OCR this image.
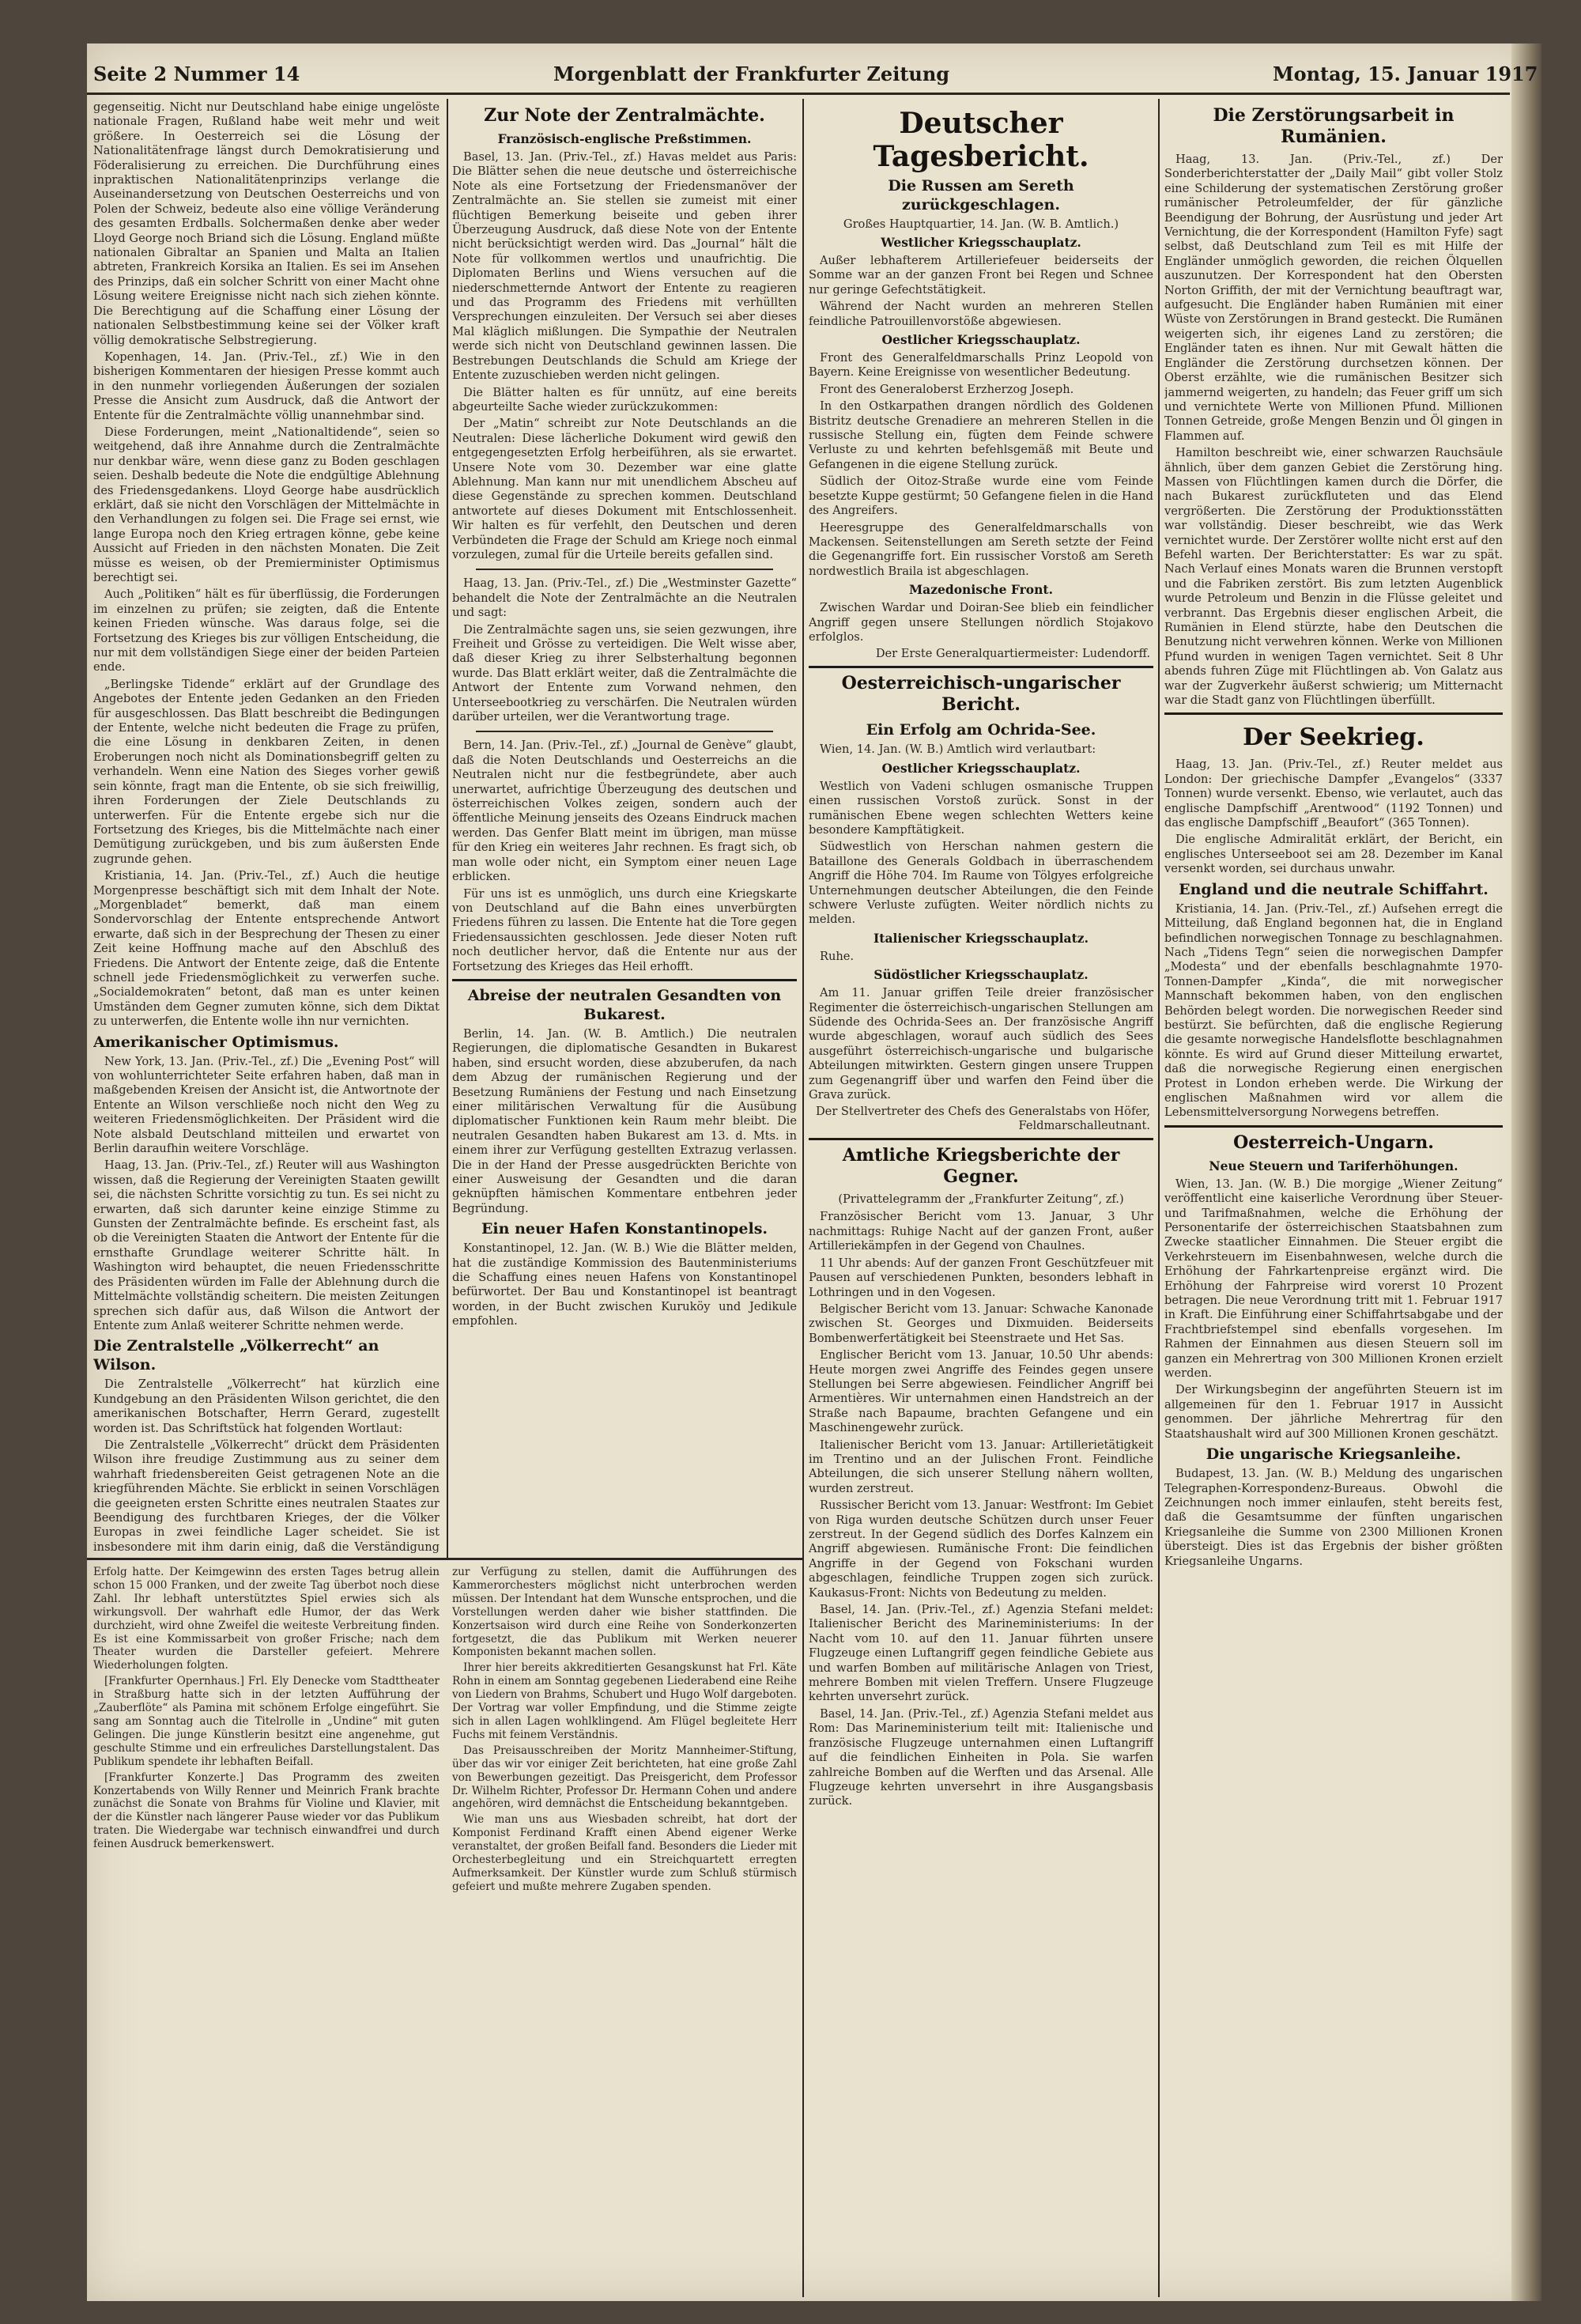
Seite 2 Nummer 14	Morgenblatt der Frankfurter Zeitung	Montag, 15. Januar 1917

gegenseitig. Nicht nur Deutschland habe einige ungelöste nationale Fragen, Rußland habe weit mehr und weit größere. In Oesterreich sei die Lösung der Nationalitätenfrage längst durch Demokratisierung und Föderalisierung zu erreichen. Die Durchführung eines inpraktischen Nationalitätenprinzips verlange die Auseinandersetzung von Deutschen Oesterreichs und von Polen der Schweiz, bedeute also eine völlige Veränderung des gesamten Erdballs. Solchermaßen denke aber weder Lloyd George noch Briand sich die Lösung. England müßte nationalen Gibraltar an Spanien und Malta an Italien abtreten, Frankreich Korsika an Italien. Es sei im Ansehen des Prinzips, daß ein solcher Schritt von einer Macht ohne Lösung weitere Ereignisse nicht nach sich ziehen könnte. Die Berechtigung auf die Schaffung einer Lösung der nationalen Selbstbestimmung keine sei der Völker kraft völlig demokratische Selbstregierung.

Kopenhagen, 14. Jan. (Priv.-Tel., zf.) Wie in den bisherigen Kommentaren der hiesigen Presse kommt auch in den nunmehr vorliegenden Äußerungen der sozialen Presse die Ansicht zum Ausdruck, daß die Antwort der Entente für die Zentralmächte völlig unannehmbar sind.

Diese Forderungen, meint „Nationaltidende“, seien so weitgehend, daß ihre Annahme durch die Zentralmächte nur denkbar wäre, wenn diese ganz zu Boden geschlagen seien. Deshalb bedeute die Note die endgültige Ablehnung des Friedensgedankens. Lloyd George habe ausdrücklich erklärt, daß sie nicht den Vorschlägen der Mittelmächte in den Verhandlungen zu folgen sei. Die Frage sei ernst, wie lange Europa noch den Krieg ertragen könne, gebe keine Aussicht auf Frieden in den nächsten Monaten. Die Zeit müsse es weisen, ob der Premierminister Optimismus berechtigt sei.

Auch „Politiken“ hält es für überflüssig, die Forderungen im einzelnen zu prüfen; sie zeigten, daß die Entente keinen Frieden wünsche. Was daraus folge, sei die Fortsetzung des Krieges bis zur völligen Entscheidung, die nur mit dem vollständigen Siege einer der beiden Parteien ende.

„Berlingske Tidende“ erklärt auf der Grundlage des Angebotes der Entente jeden Gedanken an den Frieden für ausgeschlossen. Das Blatt beschreibt die Bedingungen der Entente, welche nicht bedeuten die Frage zu prüfen, die eine Lösung in denkbaren Zeiten, in denen Eroberungen noch nicht als Dominationsbegriff gelten zu verhandeln. Wenn eine Nation des Sieges vorher gewiß sein könnte, fragt man die Entente, ob sie sich freiwillig, ihren Forderungen der Ziele Deutschlands zu unterwerfen. Für die Entente ergebe sich nur die Fortsetzung des Krieges, bis die Mittelmächte nach einer Demütigung zurückgeben, und bis zum äußersten Ende zugrunde gehen.

Kristiania, 14. Jan. (Priv.-Tel., zf.) Auch die heutige Morgenpresse beschäftigt sich mit dem Inhalt der Note. „Morgenbladet“ bemerkt, daß man einem Sondervorschlag der Entente entsprechende Antwort erwarte, daß sich in der Besprechung der Thesen zu einer Zeit keine Hoffnung mache auf den Abschluß des Friedens. Die Antwort der Entente zeige, daß die Entente schnell jede Friedensmöglichkeit zu verwerfen suche. „Socialdemokraten“ betont, daß man es unter keinen Umständen dem Gegner zumuten könne, sich dem Diktat zu unterwerfen, die Entente wolle ihn nur vernichten.

Amerikanischer Optimismus.

New York, 13. Jan. (Priv.-Tel., zf.) Die „Evening Post“ will von wohlunterrichteter Seite erfahren haben, daß man in maßgebenden Kreisen der Ansicht ist, die Antwortnote der Entente an Wilson verschließe noch nicht den Weg zu weiteren Friedensmöglichkeiten. Der Präsident wird die Note alsbald Deutschland mitteilen und erwartet von Berlin daraufhin weitere Vorschläge.

Haag, 13. Jan. (Priv.-Tel., zf.) Reuter will aus Washington wissen, daß die Regierung der Vereinigten Staaten gewillt sei, die nächsten Schritte vorsichtig zu tun. Es sei nicht zu erwarten, daß sich darunter keine einzige Stimme zu Gunsten der Zentralmächte befinde. Es erscheint fast, als ob die Vereinigten Staaten die Antwort der Entente für die ernsthafte Grundlage weiterer Schritte hält. In Washington wird behauptet, die neuen Friedensschritte des Präsidenten würden im Falle der Ablehnung durch die Mittelmächte vollständig scheitern. Die meisten Zeitungen sprechen sich dafür aus, daß Wilson die Antwort der Entente zum Anlaß weiterer Schritte nehmen werde.

Die Zentralstelle „Völkerrecht“ an Wilson.

Die Zentralstelle „Völkerrecht“ hat kürzlich eine Kundgebung an den Präsidenten Wilson gerichtet, die den amerikanischen Botschafter, Herrn Gerard, zugestellt worden ist. Das Schriftstück hat folgenden Wortlaut:

Die Zentralstelle „Völkerrecht“ drückt dem Präsidenten Wilson ihre freudige Zustimmung aus zu seiner dem wahrhaft friedensbereiten Geist getragenen Note an die kriegführenden Mächte. Sie erblickt in seinen Vorschlägen die geeigneten ersten Schritte eines neutralen Staates zur Beendigung des furchtbaren Krieges, der die Völker Europas in zwei feindliche Lager scheidet. Sie ist insbesondere mit ihm darin einig, daß die Verständigung

Zur Note der Zentralmächte.
Französisch-englische Preßstimmen.

Basel, 13. Jan. (Priv.-Tel., zf.) Havas meldet aus Paris: Die Blätter sehen die neue deutsche und österreichische Note als eine Fortsetzung der Friedensmanöver der Zentralmächte an. Sie stellen sie zumeist mit einer flüchtigen Bemerkung beiseite und geben ihrer Überzeugung Ausdruck, daß diese Note von der Entente nicht berücksichtigt werden wird. Das „Journal“ hält die Note für vollkommen wertlos und unaufrichtig. Die Diplomaten Berlins und Wiens versuchen auf die niederschmetternde Antwort der Entente zu reagieren und das Programm des Friedens mit verhüllten Versprechungen einzuleiten. Der Versuch sei aber dieses Mal kläglich mißlungen. Die Sympathie der Neutralen werde sich nicht von Deutschland gewinnen lassen. Die Bestrebungen Deutschlands die Schuld am Kriege der Entente zuzuschieben werden nicht gelingen.

Die Blätter halten es für unnütz, auf eine bereits abgeurteilte Sache wieder zurückzukommen:

Der „Matin“ schreibt zur Note Deutschlands an die Neutralen: Diese lächerliche Dokument wird gewiß den entgegengesetzten Erfolg herbeiführen, als sie erwartet. Unsere Note vom 30. Dezember war eine glatte Ablehnung. Man kann nur mit unendlichem Abscheu auf diese Gegenstände zu sprechen kommen. Deutschland antwortete auf dieses Dokument mit Entschlossenheit. Wir halten es für verfehlt, den Deutschen und deren Verbündeten die Frage der Schuld am Kriege noch einmal vorzulegen, zumal für die Urteile bereits gefallen sind.

Haag, 13. Jan. (Priv.-Tel., zf.) Die „Westminster Gazette“ behandelt die Note der Zentralmächte an die Neutralen und sagt:

Die Zentralmächte sagen uns, sie seien gezwungen, ihre Freiheit und Grösse zu verteidigen. Die Welt wisse aber, daß dieser Krieg zu ihrer Selbsterhaltung begonnen wurde. Das Blatt erklärt weiter, daß die Zentralmächte die Antwort der Entente zum Vorwand nehmen, den Unterseebootkrieg zu verschärfen. Die Neutralen würden darüber urteilen, wer die Verantwortung trage.

Bern, 14. Jan. (Priv.-Tel., zf.) „Journal de Genève“ glaubt, daß die Noten Deutschlands und Oesterreichs an die Neutralen nicht nur die festbegründete, aber auch unerwartet, aufrichtige Überzeugung des deutschen und österreichischen Volkes zeigen, sondern auch der öffentliche Meinung jenseits des Ozeans Eindruck machen werden. Das Genfer Blatt meint im übrigen, man müsse für den Krieg ein weiteres Jahr rechnen. Es fragt sich, ob man wolle oder nicht, ein Symptom einer neuen Lage erblicken.

Für uns ist es unmöglich, uns durch eine Kriegskarte von Deutschland auf die Bahn eines unverbürgten Friedens führen zu lassen. Die Entente hat die Tore gegen Friedensaussichten geschlossen. Jede dieser Noten ruft noch deutlicher hervor, daß die Entente nur aus der Fortsetzung des Krieges das Heil erhofft.

Abreise der neutralen Gesandten von Bukarest.

Berlin, 14. Jan. (W. B. Amtlich.) Die neutralen Regierungen, die diplomatische Gesandten in Bukarest haben, sind ersucht worden, diese abzuberufen, da nach dem Abzug der rumänischen Regierung und der Besetzung Rumäniens der Festung und nach Einsetzung einer militärischen Verwaltung für die Ausübung diplomatischer Funktionen kein Raum mehr bleibt. Die neutralen Gesandten haben Bukarest am 13. d. Mts. in einem ihrer zur Verfügung gestellten Extrazug verlassen. Die in der Hand der Presse ausgedrückten Berichte von einer Ausweisung der Gesandten und die daran geknüpften hämischen Kommentare entbehren jeder Begründung.

Ein neuer Hafen Konstantinopels.

Konstantinopel, 12. Jan. (W. B.) Wie die Blätter melden, hat die zuständige Kommission des Bautenministeriums die Schaffung eines neuen Hafens von Konstantinopel befürwortet. Der Bau und Konstantinopel ist beantragt worden, in der Bucht zwischen Kuruköy und Jedikule empfohlen.

Deutscher Tagesbericht.
Die Russen am Sereth zurückgeschlagen.
Großes Hauptquartier, 14. Jan. (W. B. Amtlich.)
Westlicher Kriegsschauplatz.

Außer lebhafterem Artilleriefeuer beiderseits der Somme war an der ganzen Front bei Regen und Schnee nur geringe Gefechtstätigkeit.

Während der Nacht wurden an mehreren Stellen feindliche Patrouillenvorstöße abgewiesen.

Oestlicher Kriegsschauplatz.

Front des Generalfeldmarschalls Prinz Leopold von Bayern. Keine Ereignisse von wesentlicher Bedeutung.

Front des Generaloberst Erzherzog Joseph.

In den Ostkarpathen drangen nördlich des Goldenen Bistritz deutsche Grenadiere an mehreren Stellen in die russische Stellung ein, fügten dem Feinde schwere Verluste zu und kehrten befehlsgemäß mit Beute und Gefangenen in die eigene Stellung zurück.

Südlich der Oitoz-Straße wurde eine vom Feinde besetzte Kuppe gestürmt; 50 Gefangene fielen in die Hand des Angreifers.

Heeresgruppe des Generalfeldmarschalls von Mackensen. Seitenstellungen am Sereth setzte der Feind die Gegenangriffe fort. Ein russischer Vorstoß am Sereth nordwestlich Braila ist abgeschlagen.

Mazedonische Front.

Zwischen Wardar und Doiran-See blieb ein feindlicher Angriff gegen unsere Stellungen nördlich Stojakovo erfolglos.

Der Erste Generalquartiermeister: Ludendorff.
Oesterreichisch-ungarischer Bericht.
Ein Erfolg am Ochrida-See.

Wien, 14. Jan. (W. B.) Amtlich wird verlautbart:

Oestlicher Kriegsschauplatz.

Westlich von Vadeni schlugen osmanische Truppen einen russischen Vorstoß zurück. Sonst in der rumänischen Ebene wegen schlechten Wetters keine besondere Kampftätigkeit.

Südwestlich von Herschan nahmen gestern die Bataillone des Generals Goldbach in überraschendem Angriff die Höhe 704. Im Raume von Tölgyes erfolgreiche Unternehmungen deutscher Abteilungen, die den Feinde schwere Verluste zufügten. Weiter nördlich nichts zu melden.

Italienischer Kriegsschauplatz.

Ruhe.

Südöstlicher Kriegsschauplatz.

Am 11. Januar griffen Teile dreier französischer Regimenter die österreichisch-ungarischen Stellungen am Südende des Ochrida-Sees an. Der französische Angriff wurde abgeschlagen, worauf auch südlich des Sees ausgeführt österreichisch-ungarische und bulgarische Abteilungen mitwirkten. Gestern gingen unsere Truppen zum Gegenangriff über und warfen den Feind über die Grava zurück.

Der Stellvertreter des Chefs des Generalstabs von Höfer, Feldmarschalleutnant.
Amtliche Kriegsberichte der Gegner.
(Privattelegramm der „Frankfurter Zeitung“, zf.)

Französischer Bericht vom 13. Januar, 3 Uhr nachmittags: Ruhige Nacht auf der ganzen Front, außer Artilleriekämpfen in der Gegend von Chaulnes.

11 Uhr abends: Auf der ganzen Front Geschützfeuer mit Pausen auf verschiedenen Punkten, besonders lebhaft in Lothringen und in den Vogesen.

Belgischer Bericht vom 13. Januar: Schwache Kanonade zwischen St. Georges und Dixmuiden. Beiderseits Bombenwerfertätigkeit bei Steenstraete und Het Sas.

Englischer Bericht vom 13. Januar, 10.50 Uhr abends: Heute morgen zwei Angriffe des Feindes gegen unsere Stellungen bei Serre abgewiesen. Feindlicher Angriff bei Armentières. Wir unternahmen einen Handstreich an der Straße nach Bapaume, brachten Gefangene und ein Maschinengewehr zurück.

Italienischer Bericht vom 13. Januar: Artillerietätigkeit im Trentino und an der Julischen Front. Feindliche Abteilungen, die sich unserer Stellung nähern wollten, wurden zerstreut.

Russischer Bericht vom 13. Januar: Westfront: Im Gebiet von Riga wurden deutsche Schützen durch unser Feuer zerstreut. In der Gegend südlich des Dorfes Kalnzem ein Angriff abgewiesen. Rumänische Front: Die feindlichen Angriffe in der Gegend von Fokschani wurden abgeschlagen, feindliche Truppen zogen sich zurück. Kaukasus-Front: Nichts von Bedeutung zu melden.

Basel, 14. Jan. (Priv.-Tel., zf.) Agenzia Stefani meldet: Italienischer Bericht des Marineministeriums: In der Nacht vom 10. auf den 11. Januar führten unsere Flugzeuge einen Luftangriff gegen feindliche Gebiete aus und warfen Bomben auf militärische Anlagen von Triest, mehrere Bomben mit vielen Treffern. Unsere Flugzeuge kehrten unversehrt zurück.

Basel, 14. Jan. (Priv.-Tel., zf.) Agenzia Stefani meldet aus Rom: Das Marineministerium teilt mit: Italienische und französische Flugzeuge unternahmen einen Luftangriff auf die feindlichen Einheiten in Pola. Sie warfen zahlreiche Bomben auf die Werften und das Arsenal. Alle Flugzeuge kehrten unversehrt in ihre Ausgangsbasis zurück.

Die Zerstörungsarbeit in Rumänien.

Haag, 13. Jan. (Priv.-Tel., zf.) Der Sonderberichterstatter der „Daily Mail“ gibt voller Stolz eine Schilderung der systematischen Zerstörung großer rumänischer Petroleumfelder, der für gänzliche Beendigung der Bohrung, der Ausrüstung und jeder Art Vernichtung, die der Korrespondent (Hamilton Fyfe) sagt selbst, daß Deutschland zum Teil es mit Hilfe der Engländer unmöglich geworden, die reichen Ölquellen auszunutzen. Der Korrespondent hat den Obersten Norton Griffith, der mit der Vernichtung beauftragt war, aufgesucht. Die Engländer haben Rumänien mit einer Wüste von Zerstörungen in Brand gesteckt. Die Rumänen weigerten sich, ihr eigenes Land zu zerstören; die Engländer taten es ihnen. Nur mit Gewalt hätten die Engländer die Zerstörung durchsetzen können. Der Oberst erzählte, wie die rumänischen Besitzer sich jammernd weigerten, zu handeln; das Feuer griff um sich und vernichtete Werte von Millionen Pfund. Millionen Tonnen Getreide, große Mengen Benzin und Öl gingen in Flammen auf.

Hamilton beschreibt wie, einer schwarzen Rauchsäule ähnlich, über dem ganzen Gebiet die Zerstörung hing. Massen von Flüchtlingen kamen durch die Dörfer, die nach Bukarest zurückfluteten und das Elend vergrößerten. Die Zerstörung der Produktionsstätten war vollständig. Dieser beschreibt, wie das Werk vernichtet wurde. Der Zerstörer wollte nicht erst auf den Befehl warten. Der Berichterstatter: Es war zu spät. Nach Verlauf eines Monats waren die Brunnen verstopft und die Fabriken zerstört. Bis zum letzten Augenblick wurde Petroleum und Benzin in die Flüsse geleitet und verbrannt. Das Ergebnis dieser englischen Arbeit, die Rumänien in Elend stürzte, habe den Deutschen die Benutzung nicht verwehren können. Werke von Millionen Pfund wurden in wenigen Tagen vernichtet. Seit 8 Uhr abends fuhren Züge mit Flüchtlingen ab. Von Galatz aus war der Zugverkehr äußerst schwierig; um Mitternacht war die Stadt ganz von Flüchtlingen überfüllt.

Der Seekrieg.

Haag, 13. Jan. (Priv.-Tel., zf.) Reuter meldet aus London: Der griechische Dampfer „Evangelos“ (3337 Tonnen) wurde versenkt. Ebenso, wie verlautet, auch das englische Dampfschiff „Arentwood“ (1192 Tonnen) und das englische Dampfschiff „Beaufort“ (365 Tonnen).

Die englische Admiralität erklärt, der Bericht, ein englisches Unterseeboot sei am 28. Dezember im Kanal versenkt worden, sei durchaus unwahr.

England und die neutrale Schiffahrt.

Kristiania, 14. Jan. (Priv.-Tel., zf.) Aufsehen erregt die Mitteilung, daß England begonnen hat, die in England befindlichen norwegischen Tonnage zu beschlagnahmen. Nach „Tidens Tegn“ seien die norwegischen Dampfer „Modesta“ und der ebenfalls beschlagnahmte 1970-Tonnen-Dampfer „Kinda“, die mit norwegischer Mannschaft bekommen haben, von den englischen Behörden belegt worden. Die norwegischen Reeder sind bestürzt. Sie befürchten, daß die englische Regierung die gesamte norwegische Handelsflotte beschlagnahmen könnte. Es wird auf Grund dieser Mitteilung erwartet, daß die norwegische Regierung einen energischen Protest in London erheben werde. Die Wirkung der englischen Maßnahmen wird vor allem die Lebensmittelversorgung Norwegens betreffen.

Oesterreich-Ungarn.
Neue Steuern und Tariferhöhungen.

Wien, 13. Jan. (W. B.) Die morgige „Wiener Zeitung“ veröffentlicht eine kaiserliche Verordnung über Steuer- und Tarifmaßnahmen, welche die Erhöhung der Personentarife der österreichischen Staatsbahnen zum Zwecke staatlicher Einnahmen. Die Steuer ergibt die Verkehrsteuern im Eisenbahnwesen, welche durch die Erhöhung der Fahrkartenpreise ergänzt wird. Die Erhöhung der Fahrpreise wird vorerst 10 Prozent betragen. Die neue Verordnung tritt mit 1. Februar 1917 in Kraft. Die Einführung einer Schiffahrtsabgabe und der Frachtbriefstempel sind ebenfalls vorgesehen. Im Rahmen der Einnahmen aus diesen Steuern soll im ganzen ein Mehrertrag von 300 Millionen Kronen erzielt werden.

Der Wirkungsbeginn der angeführten Steuern ist im allgemeinen für den 1. Februar 1917 in Aussicht genommen. Der jährliche Mehrertrag für den Staatshaushalt wird auf 300 Millionen Kronen geschätzt.

Die ungarische Kriegsanleihe.

Budapest, 13. Jan. (W. B.) Meldung des ungarischen Telegraphen-Korrespondenz-Bureaus. Obwohl die Zeichnungen noch immer einlaufen, steht bereits fest, daß die Gesamtsumme der fünften ungarischen Kriegsanleihe die Summe von 2300 Millionen Kronen übersteigt. Dies ist das Ergebnis der bisher größten Kriegsanleihe Ungarns.

Erfolg hatte. Der Keimgewinn des ersten Tages betrug allein schon 15 000 Franken, und der zweite Tag überbot noch diese Zahl. Ihr lebhaft unterstütztes Spiel erwies sich als wirkungsvoll. Der wahrhaft edle Humor, der das Werk durchzieht, wird ohne Zweifel die weiteste Verbreitung finden. Es ist eine Kommissarbeit von großer Frische; nach dem Theater wurden die Darsteller gefeiert. Mehrere Wiederholungen folgten.

[Frankfurter Opernhaus.] Frl. Ely Denecke vom Stadttheater in Straßburg hatte sich in der letzten Aufführung der „Zauberflöte“ als Pamina mit schönem Erfolge eingeführt. Sie sang am Sonntag auch die Titelrolle in „Undine“ mit guten Gelingen. Die junge Künstlerin besitzt eine angenehme, gut geschulte Stimme und ein erfreuliches Darstellungstalent. Das Publikum spendete ihr lebhaften Beifall.

[Frankfurter Konzerte.] Das Programm des zweiten Konzertabends von Willy Renner und Meinrich Frank brachte zunächst die Sonate von Brahms für Violine und Klavier, mit der die Künstler nach längerer Pause wieder vor das Publikum traten. Die Wiedergabe war technisch einwandfrei und durch feinen Ausdruck bemerkenswert.

zur Verfügung zu stellen, damit die Aufführungen des Kammerorchesters möglichst nicht unterbrochen werden müssen. Der Intendant hat dem Wunsche entsprochen, und die Vorstellungen werden daher wie bisher stattfinden. Die Konzertsaison wird durch eine Reihe von Sonderkonzerten fortgesetzt, die das Publikum mit Werken neuerer Komponisten bekannt machen sollen.

Ihrer hier bereits akkreditierten Gesangskunst hat Frl. Käte Rohn in einem am Sonntag gegebenen Liederabend eine Reihe von Liedern von Brahms, Schubert und Hugo Wolf dargeboten. Der Vortrag war voller Empfindung, und die Stimme zeigte sich in allen Lagen wohlklingend. Am Flügel begleitete Herr Fuchs mit feinem Verständnis.

Das Preisausschreiben der Moritz Mannheimer-Stiftung, über das wir vor einiger Zeit berichteten, hat eine große Zahl von Bewerbungen gezeitigt. Das Preisgericht, dem Professor Dr. Wilhelm Richter, Professor Dr. Hermann Cohen und andere angehören, wird demnächst die Entscheidung bekanntgeben.

Wie man uns aus Wiesbaden schreibt, hat dort der Komponist Ferdinand Krafft einen Abend eigener Werke veranstaltet, der großen Beifall fand. Besonders die Lieder mit Orchesterbegleitung und ein Streichquartett erregten Aufmerksamkeit. Der Künstler wurde zum Schluß stürmisch gefeiert und mußte mehrere Zugaben spenden.
